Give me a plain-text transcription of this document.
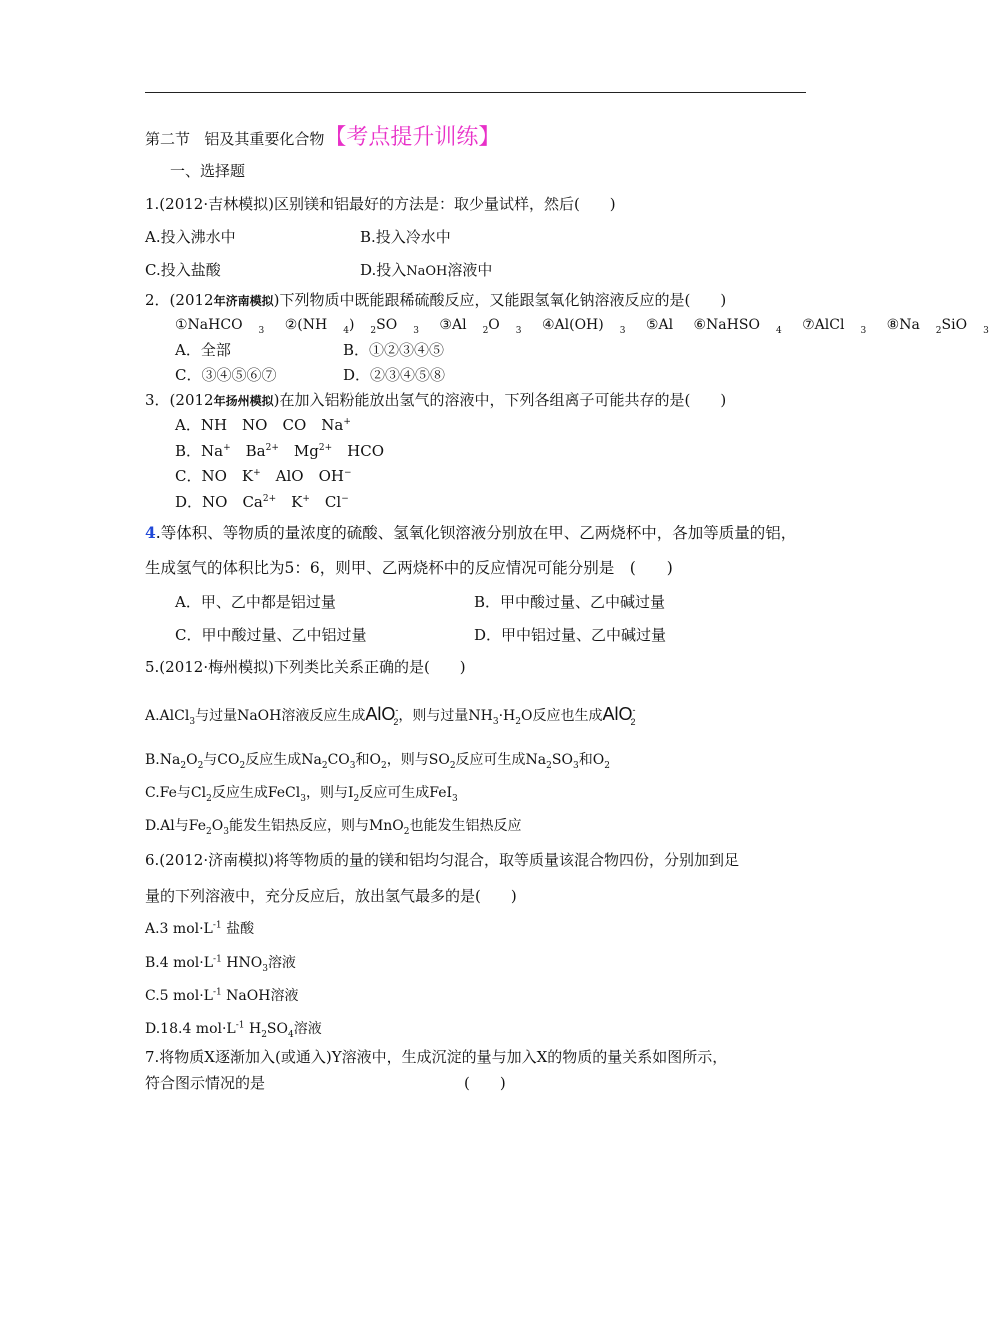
第二节 铝及其重要化合物【考点提升训练】
一、选择题
1.(2012·吉林模拟)区别镁和铝最好的方法是：取少量试样，然后(　　)
A.投入沸水中	B.投入冷水中
C.投入盐酸	D.投入NaOH溶液中
2．(2012年济南模拟)下列物质中既能跟稀硫酸反应，又能跟氢氧化钠溶液反应的是(　　)
①NaHCO $_3$ ②(NH $_4$) $_2$SO $_3$ ③Al $_2$O $_3$ ④Al(OH) $_3$ ⑤Al ⑥NaHSO $_4$ ⑦AlCl $_3$ ⑧Na $_2$SiO $_3$
A．全部	B．①②③④⑤
C．③④⑤⑥⑦	D．②③④⑤⑧
3．(2012年扬州模拟)在加入铝粉能放出氢气的溶液中，下列各组离子可能共存的是(　　)
A．NH　NO　CO　Na+
B．Na+　$Ba^{2+}$　$Mg^{2+}$　HCO
C．NO　K+　AlO　OH−
D．NO　$Ca^{2+}$　K+　Cl−
4.等体积、等物质的量浓度的硫酸、氢氧化钡溶液分别放在甲、乙两烧杯中，各加等质量的铝，
生成氢气的体积比为5：6，则甲、乙两烧杯中的反应情况可能分别是　(　　)
A．甲、乙中都是铝过量	B．甲中酸过量、乙中碱过量
C．甲中酸过量、乙中铝过量	D．甲中铝过量、乙中碱过量
5.(2012·梅州模拟)下列类比关系正确的是(　　)
A.AlCl$_3$与过量NaOH溶液反应生成AlO-$_2$，则与过量$NH_3\cdot H_2O$反应也生成AlO-$_2$
$B.Na_2O_2$与$CO_2$反应生成$Na_2CO_3$和$O_2$，则与$SO_2$反应可生成$Na_2SO_3$和$O_2$
C.Fe与$Cl_2$反应生成FeCl$_3$，则与$I_2$反应可生成FeI$_3$
D.Al与$Fe_2O_3$能发生铝热反应，则与MnO$_2$也能发生铝热反应
6.(2012·济南模拟)将等物质的量的镁和铝均匀混合，取等质量该混合物四份，分别加到足
量的下列溶液中，充分反应后，放出氢气最多的是(　　)
A.3 $mol\cdot L^{-1}$ 盐酸
B.4 $mol\cdot L^{-1}$ $HNO_3$溶液
C.5 $mol\cdot L^{-1}$ NaOH溶液
D.18.4 $mol\cdot L^{-1}$ $H_2SO_4$溶液
7.将物质X逐渐加入(或通入)Y溶液中，生成沉淀的量与加入X的物质的量关系如图所示，
符合图示情况的是	(　　)
